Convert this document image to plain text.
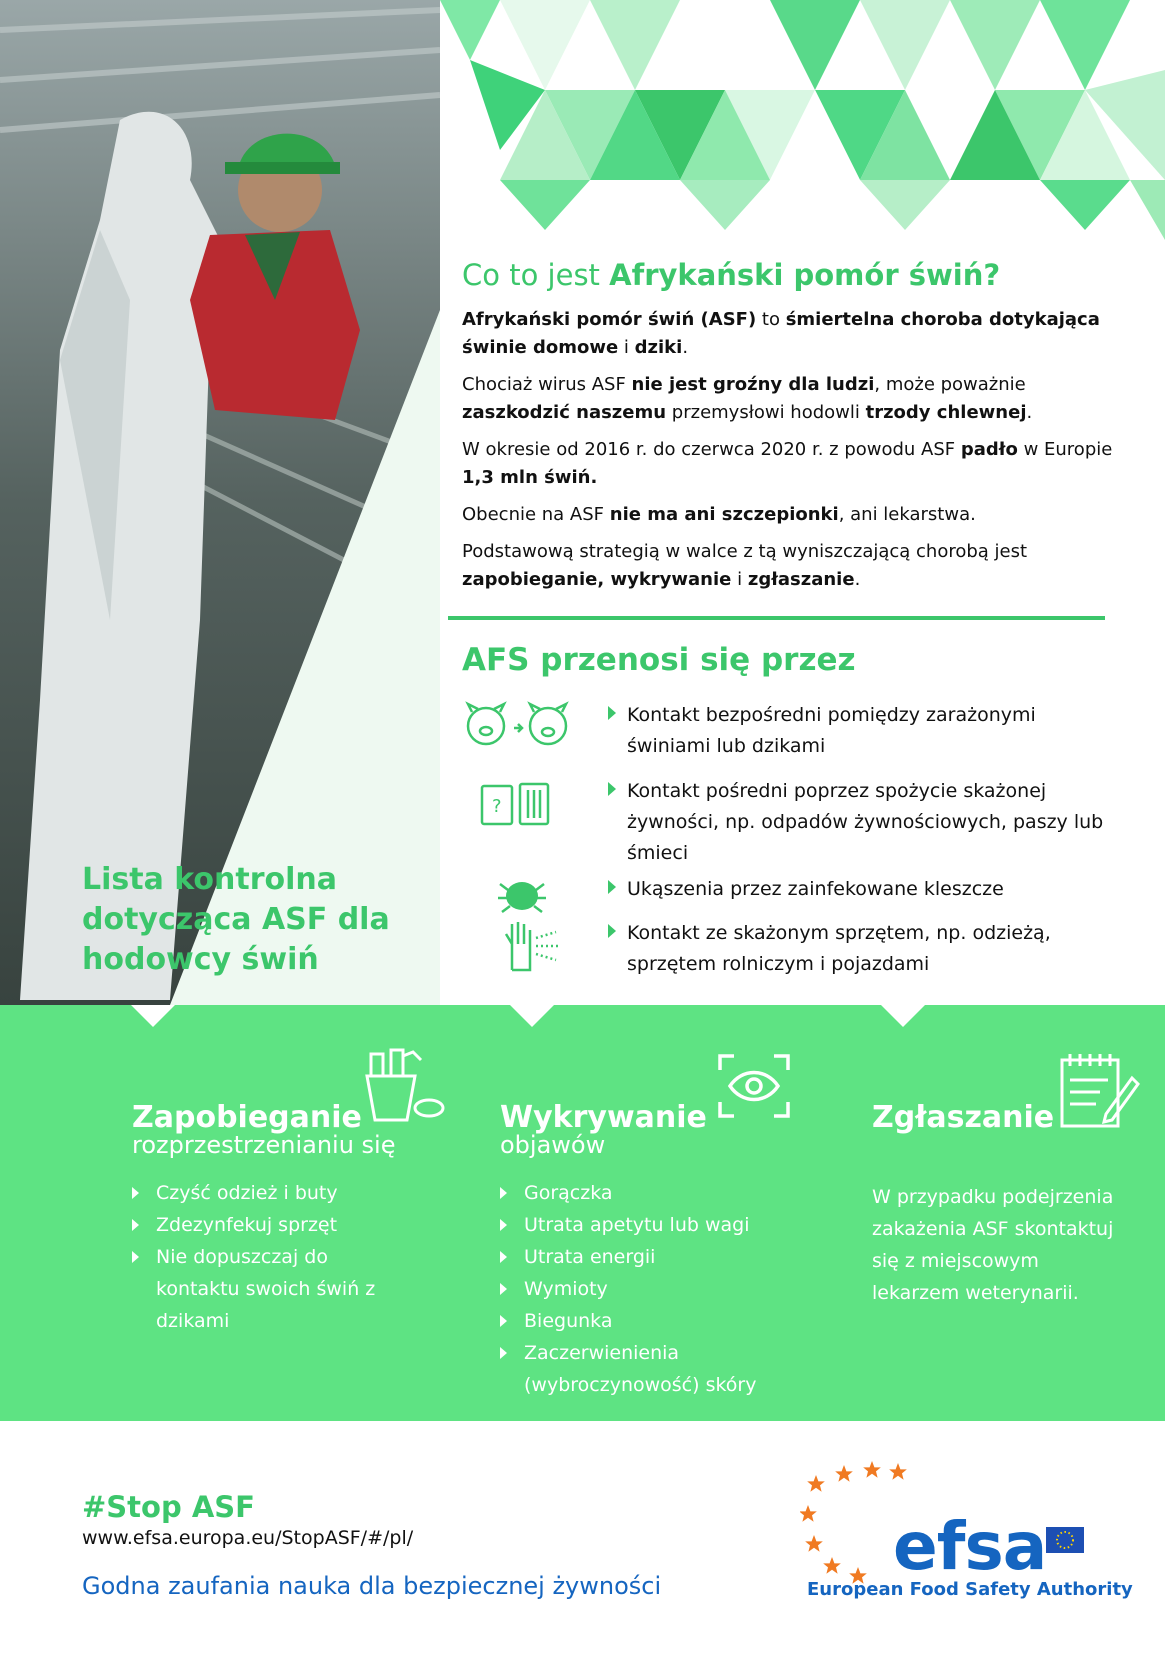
Co to jest Afrykański pomór świń?

Afrykański pomór świń (ASF) to śmiertelna choroba dotykająca świnie domowe i dziki.

Chociaż wirus ASF nie jest groźny dla ludzi, może poważnie zaszkodzić naszemu przemysłowi hodowli trzody chlewnej.

W okresie od 2016 r. do czerwca 2020 r. z powodu ASF padło w Europie 1,3 mln świń.

Obecnie na ASF nie ma ani szczepionki, ani lekarstwa.

Podstawową strategią w walce z tą wyniszczającą chorobą jest zapobieganie, wykrywanie i zgłaszanie.

AFS przenosi się przez
Kontakt bezpośredni pomiędzy zarażonymi świniami lub dzikami
?
Kontakt pośredni poprzez spożycie skażonej żywności, np. odpadów żywnościowych, paszy lub śmieci
Ukąszenia przez zainfekowane kleszcze
Kontakt ze skażonym sprzętem, np. odzieżą, sprzętem rolniczym i pojazdami
Lista kontrolna dotycząca ASF dla hodowcy świń
Zapobieganie
rozprzestrzenianiu się
Czyść odzież i buty
Zdezynfekuj sprzęt
Nie dopuszczaj do kontaktu swoich świń z dzikami
Wykrywanie
objawów
Gorączka
Utrata apetytu lub wagi
Utrata energii
Wymioty
Biegunka
Zaczerwienienia (wybroczynowość) skóry
Zgłaszanie
W przypadku podejrzenia zakażenia ASF skontaktuj się z miejscowym lekarzem weterynarii.
#Stop ASF
www.efsa.europa.eu/StopASF/#/pl/
Godna zaufania nauka dla bezpiecznej żywności
efsa
European Food Safety Authority
